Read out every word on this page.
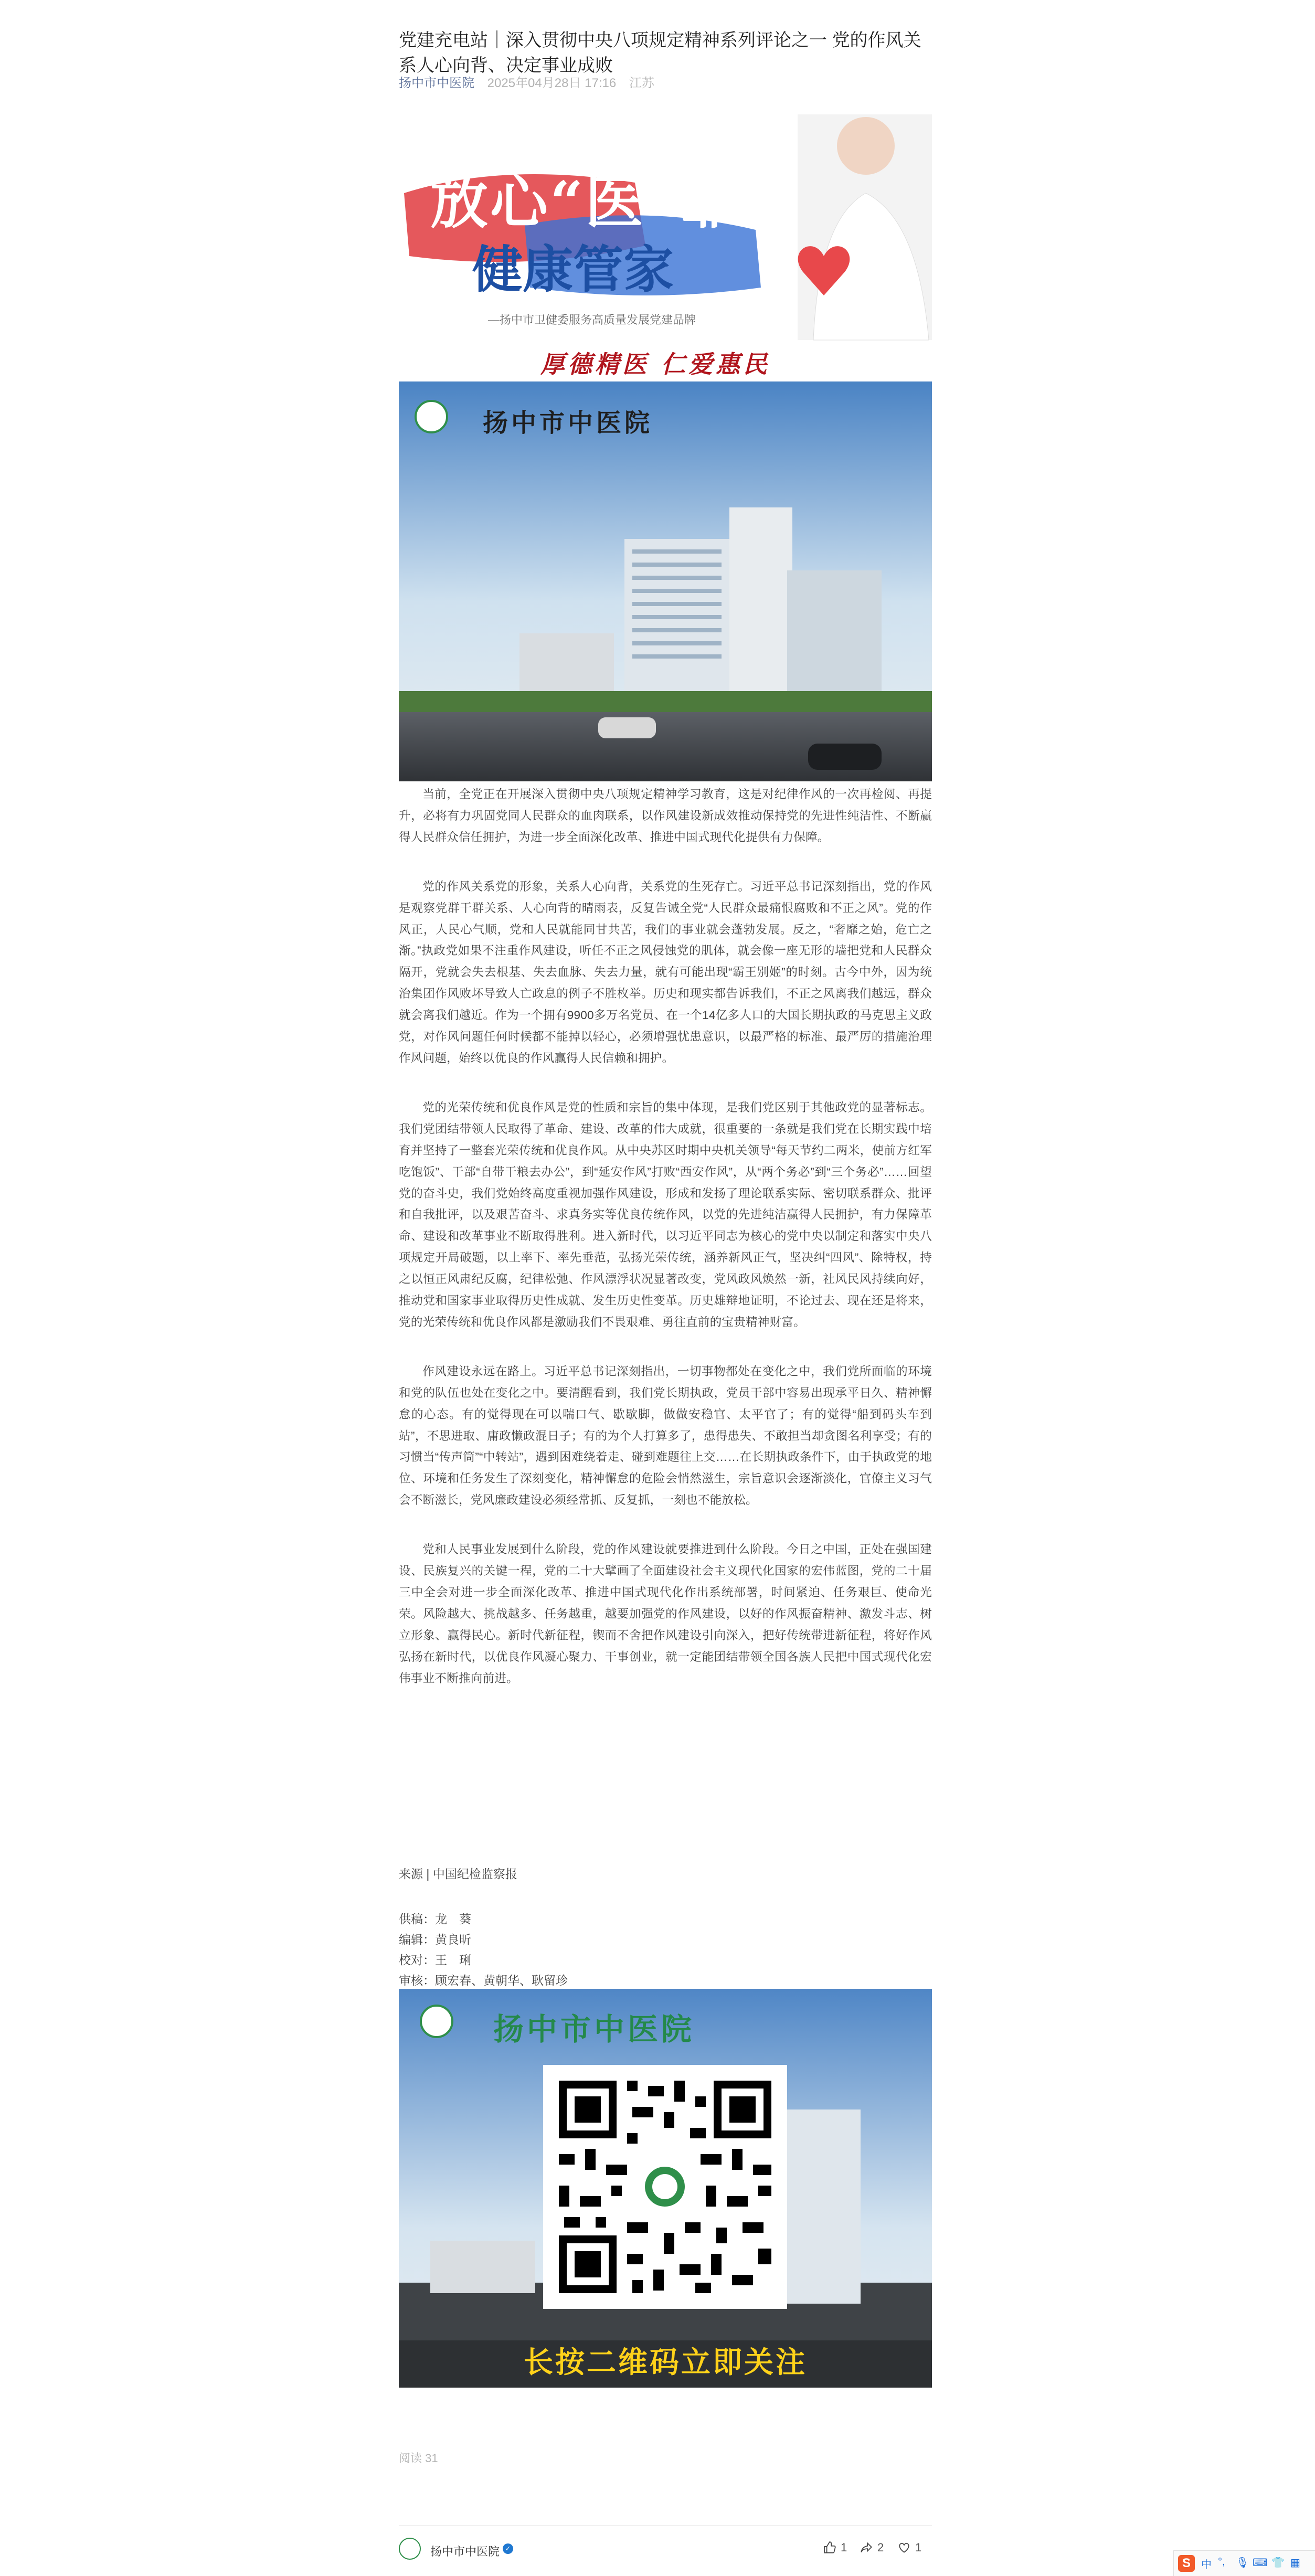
党建充电站｜深入贯彻中央八项规定精神系列评论之一 党的作风关系人心向背、决定事业成败
扬中市中医院 2025年04月28日 17:16 江苏
放心“医”靠
健康管家
—扬中市卫健委服务高质量发展党建品牌
厚德精医 仁爱惠民
扬中市中医院

当前，全党正在开展深入贯彻中央八项规定精神学习教育，这是对纪律作风的一次再检阅、再提升，必将有力巩固党同人民群众的血肉联系，以作风建设新成效推动保持党的先进性纯洁性、不断赢得人民群众信任拥护，为进一步全面深化改革、推进中国式现代化提供有力保障。

党的作风关系党的形象，关系人心向背，关系党的生死存亡。习近平总书记深刻指出，党的作风是观察党群干群关系、人心向背的晴雨表，反复告诫全党“人民群众最痛恨腐败和不正之风”。党的作风正，人民心气顺，党和人民就能同甘共苦，我们的事业就会蓬勃发展。反之，“奢靡之始，危亡之渐。”执政党如果不注重作风建设，听任不正之风侵蚀党的肌体，就会像一座无形的墙把党和人民群众隔开，党就会失去根基、失去血脉、失去力量，就有可能出现“霸王别姬”的时刻。古今中外，因为统治集团作风败坏导致人亡政息的例子不胜枚举。历史和现实都告诉我们，不正之风离我们越远，群众就会离我们越近。作为一个拥有9900多万名党员、在一个14亿多人口的大国长期执政的马克思主义政党，对作风问题任何时候都不能掉以轻心，必须增强忧患意识，以最严格的标准、最严厉的措施治理作风问题，始终以优良的作风赢得人民信赖和拥护。

党的光荣传统和优良作风是党的性质和宗旨的集中体现，是我们党区别于其他政党的显著标志。我们党团结带领人民取得了革命、建设、改革的伟大成就，很重要的一条就是我们党在长期实践中培育并坚持了一整套光荣传统和优良作风。从中央苏区时期中央机关领导“每天节约二两米，使前方红军吃饱饭”、干部“自带干粮去办公”，到“延安作风”打败“西安作风”，从“两个务必”到“三个务必”……回望党的奋斗史，我们党始终高度重视加强作风建设，形成和发扬了理论联系实际、密切联系群众、批评和自我批评，以及艰苦奋斗、求真务实等优良传统作风，以党的先进纯洁赢得人民拥护，有力保障革命、建设和改革事业不断取得胜利。进入新时代，以习近平同志为核心的党中央以制定和落实中央八项规定开局破题，以上率下、率先垂范，弘扬光荣传统，涵养新风正气，坚决纠“四风”、除特权，持之以恒正风肃纪反腐，纪律松弛、作风漂浮状况显著改变，党风政风焕然一新，社风民风持续向好，推动党和国家事业取得历史性成就、发生历史性变革。历史雄辩地证明，不论过去、现在还是将来，党的光荣传统和优良作风都是激励我们不畏艰难、勇往直前的宝贵精神财富。

作风建设永远在路上。习近平总书记深刻指出，一切事物都处在变化之中，我们党所面临的环境和党的队伍也处在变化之中。要清醒看到，我们党长期执政，党员干部中容易出现承平日久、精神懈怠的心态。有的觉得现在可以喘口气、歇歇脚，做做安稳官、太平官了；有的觉得“船到码头车到站”，不思进取、庸政懒政混日子；有的为个人打算多了，患得患失、不敢担当却贪图名利享受；有的习惯当“传声筒”“中转站”，遇到困难绕着走、碰到难题往上交……在长期执政条件下，由于执政党的地位、环境和任务发生了深刻变化，精神懈怠的危险会悄然滋生，宗旨意识会逐渐淡化，官僚主义习气会不断滋长，党风廉政建设必须经常抓、反复抓，一刻也不能放松。

党和人民事业发展到什么阶段，党的作风建设就要推进到什么阶段。今日之中国，正处在强国建设、民族复兴的关键一程，党的二十大擘画了全面建设社会主义现代化国家的宏伟蓝图，党的二十届三中全会对进一步全面深化改革、推进中国式现代化作出系统部署，时间紧迫、任务艰巨、使命光荣。风险越大、挑战越多、任务越重，越要加强党的作风建设，以好的作风振奋精神、激发斗志、树立形象、赢得民心。新时代新征程，锲而不舍把作风建设引向深入，把好传统带进新征程，将好作风弘扬在新时代，以优良作风凝心聚力、干事创业，就一定能团结带领全国各族人民把中国式现代化宏伟事业不断推向前进。

来源 | 中国纪检监察报
供稿：龙　葵
编辑：黄良昕
校对：王　琍
审核：顾宏春、黄朝华、耿留珍
扬中市中医院
长按二维码立即关注
阅读 31
扬中市中医院 ✓	1	2	1
S	中 °, 🎙 ⌨ 👕 ▦
